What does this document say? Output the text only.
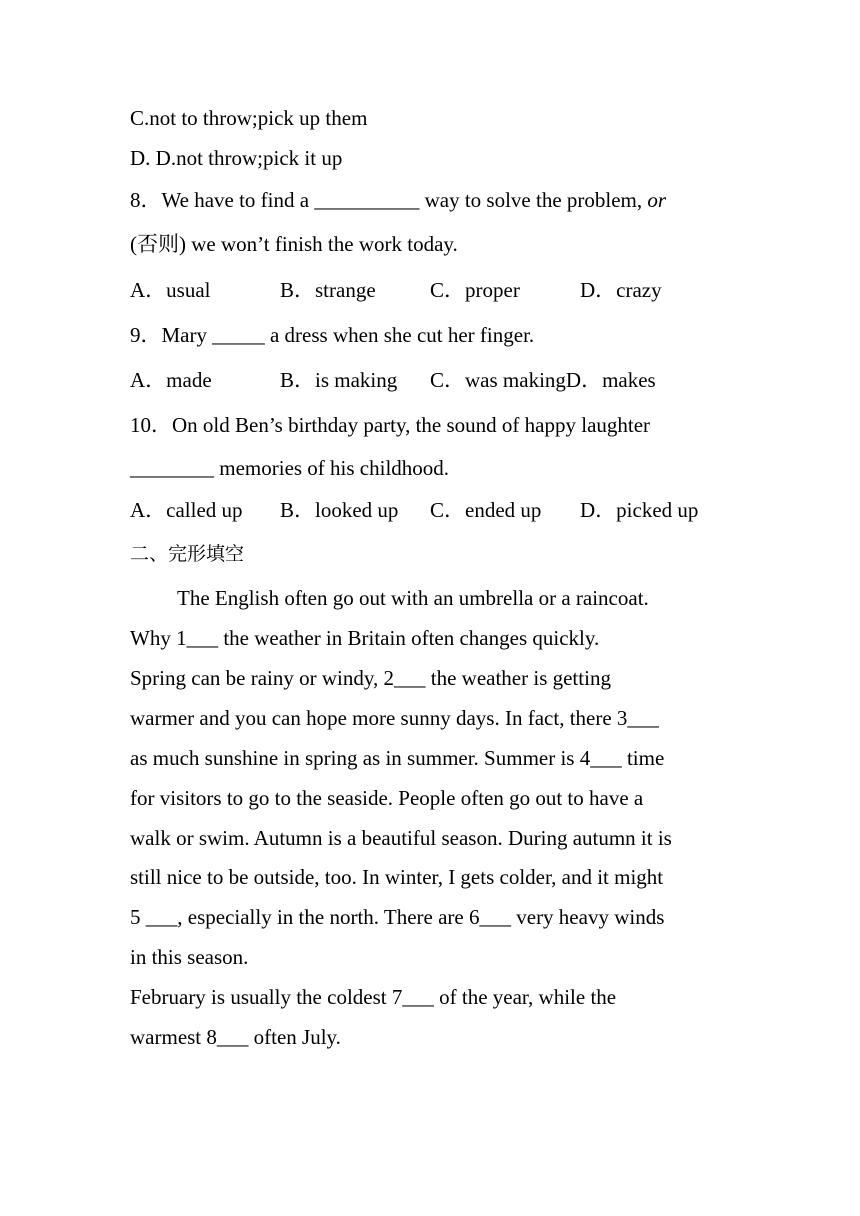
C.not to throw;pick up them
D. D.not throw;pick it up
8．We have to find a __________ way to solve the problem, or
(否则) we won’t finish the work today.
A．usual	B．strange	C．proper	D．crazy
9．Mary _____ a dress when she cut her finger.
A．made	B．is making C．was makingD．makes
10．On old Ben’s birthday party, the sound of happy laughter
________ memories of his childhood.
A．called up B．looked up C．ended up D．picked up
二、完形填空
The English often go out with an umbrella or a raincoat.
Why 1___ the weather in Britain often changes quickly.
Spring can be rainy or windy, 2___ the weather is getting
warmer and you can hope more sunny days. In fact, there 3___
as much sunshine in spring as in summer. Summer is 4___ time
for visitors to go to the seaside. People often go out to have a
walk or swim. Autumn is a beautiful season. During autumn it is
still nice to be outside, too. In winter, I gets colder, and it might
5 ___, especially in the north. There are 6___ very heavy winds
in this season.
February is usually the coldest 7___ of the year, while the
warmest 8___ often July.
